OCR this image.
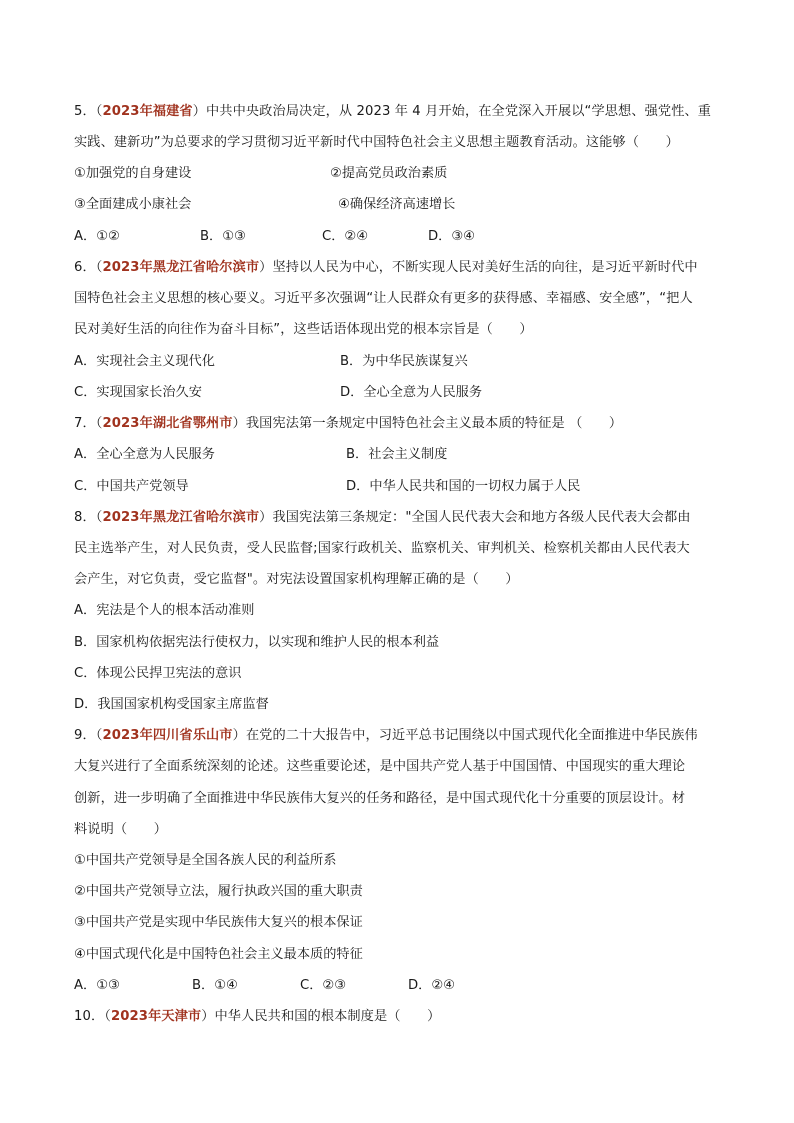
5．（2023年福建省）中共中央政治局决定，从 2023 年 4 月开始，在全党深入开展以“学思想、强党性、重
实践、建新功”为总要求的学习贯彻习近平新时代中国特色社会主义思想主题教育活动。这能够（　　）
①加强党的自身建设	②提高党员政治素质
③全面建成小康社会	④确保经济高速增长
A．①②	B．①③	C．②④	D．③④
6．（2023年黑龙江省哈尔滨市）坚持以人民为中心，不断实现人民对美好生活的向往，是习近平新时代中
国特色社会主义思想的核心要义。习近平多次强调“让人民群众有更多的获得感、幸福感、安全感”，“把人
民对美好生活的向往作为奋斗目标”，这些话语体现出党的根本宗旨是（　　）
A．实现社会主义现代化	B．为中华民族谋复兴
C．实现国家长治久安	D．全心全意为人民服务
7．（2023年湖北省鄂州市）我国宪法第一条规定中国特色社会主义最本质的特征是 （　　）
A．全心全意为人民服务	B．社会主义制度
C．中国共产党领导	D．中华人民共和国的一切权力属于人民
8．（2023年黑龙江省哈尔滨市）我国宪法第三条规定："全国人民代表大会和地方各级人民代表大会都由
民主选举产生，对人民负责，受人民监督;国家行政机关、监察机关、审判机关、检察机关都由人民代表大
会产生，对它负责，受它监督"。对宪法设置国家机构理解正确的是（　　）
A．宪法是个人的根本活动准则
B．国家机构依据宪法行使权力，以实现和维护人民的根本利益
C．体现公民捍卫宪法的意识
D．我国国家机构受国家主席监督
9．（2023年四川省乐山市）在党的二十大报告中，习近平总书记围绕以中国式现代化全面推进中华民族伟
大复兴进行了全面系统深刻的论述。这些重要论述，是中国共产党人基于中国国情、中国现实的重大理论
创新，进一步明确了全面推进中华民族伟大复兴的任务和路径，是中国式现代化十分重要的顶层设计。材
料说明（　　）
①中国共产党领导是全国各族人民的利益所系
②中国共产党领导立法，履行执政兴国的重大职责
③中国共产党是实现中华民族伟大复兴的根本保证
④中国式现代化是中国特色社会主义最本质的特征
A．①③	B．①④	C．②③	D．②④
10．（2023年天津市）中华人民共和国的根本制度是（　　）
